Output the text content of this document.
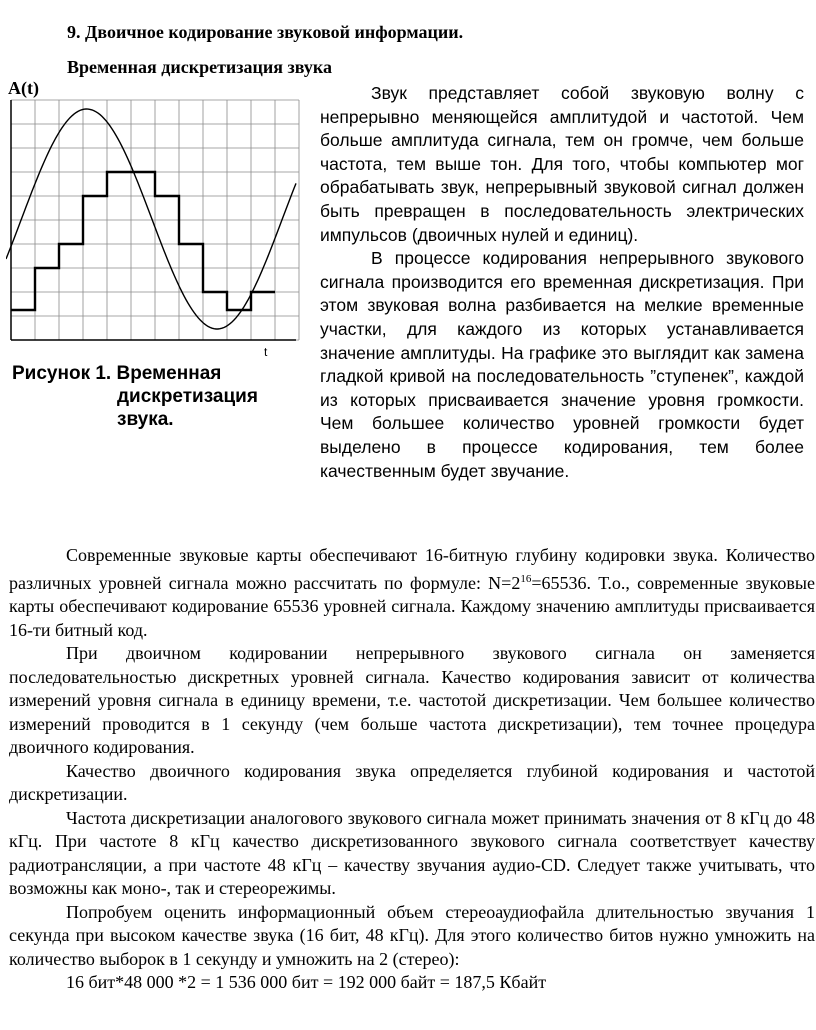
9. Двоичное кодирование звуковой информации.
Временная дискретизация звука
A(t)
t
Рисунок 1. Временная
дискретизация
звука.

Звук представляет собой звуковую волну с непрерывно меняющейся амплитудой и частотой. Чем больше амплитуда сигнала, тем он громче, чем больше частота, тем выше тон. Для того, чтобы компьютер мог обрабатывать звук, непрерывный звуковой сигнал должен быть превращен в последовательность электрических импульсов (двоичных нулей и единиц).

В процессе кодирования непрерывного звукового сигнала производится его временная дискретизация. При этом звуковая волна разбивается на мелкие временные участки, для каждого из которых устанавливается значение амплитуды. На графике это выглядит как замена гладкой кривой на последовательность ”ступенек”, каждой из которых присваивается значение уровня громкости. Чем большее количество уровней громкости будет выделено в процессе кодирования, тем более качественным будет звучание.

Современные звуковые карты обеспечивают 16-битную глубину кодировки звука. Количество различных уровней сигнала можно рассчитать по формуле: $N=2^{16}=65536$. Т.о., современные звуковые карты обеспечивают кодирование 65536 уровней сигнала. Каждому значению амплитуды присваивается 16-ти битный код.

При двоичном кодировании непрерывного звукового сигнала он заменяется последовательностью дискретных уровней сигнала. Качество кодирования зависит от количества измерений уровня сигнала в единицу времени, т.е. частотой дискретизации. Чем большее количество измерений проводится в 1 секунду (чем больше частота дискретизации), тем точнее процедура двоичного кодирования.

Качество двоичного кодирования звука определяется глубиной кодирования и частотой дискретизации.

Частота дискретизации аналогового звукового сигнала может принимать значения от 8 кГц до 48 кГц. При частоте 8 кГц качество дискретизованного звукового сигнала соответствует качеству радиотрансляции, а при частоте 48 кГц – качеству звучания аудио-CD. Следует также учитывать, что возможны как моно-, так и стереорежимы.

Попробуем оценить информационный объем стереоаудиофайла длительностью звучания 1 секунда при высоком качестве звука (16 бит, 48 кГц). Для этого количество битов нужно умножить на количество выборок в 1 секунду и умножить на 2 (стерео):

16 бит*48 000 *2 = 1 536 000 бит = 192 000 байт = 187,5 Кбайт
